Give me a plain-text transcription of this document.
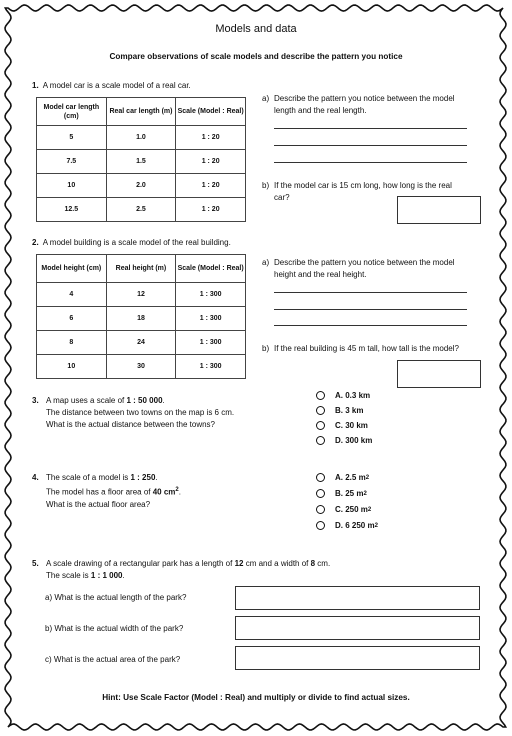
Models and data
Compare observations of scale models and describe the pattern you notice
1. A model car is a scale model of a real car.
Model car length (cm)	Real car length (m)	Scale (Model : Real)
5	1.0	1 : 20
7.5	1.5	1 : 20
10	2.0	1 : 20
12.5	2.5	1 : 20
a) Describe the pattern you notice between the model length and the real length.
b) If the model car is 15 cm long, how long is the real car?
2. A model building is a scale model of the real building.
Model height (cm)	Real height (m)	Scale (Model : Real)
4	12	1 : 300
6	18	1 : 300
8	24	1 : 300
10	30	1 : 300
a) Describe the pattern you notice between the model height and the real height.
b) If the real building is 45 m tall, how tall is the model?
3. A map uses a scale of 1 : 50 000.
The distance between two towns on the map is 6 cm.
What is the actual distance between the towns?
A. 0.3 km
B. 3 km
C. 30 km
D. 300 km
4. The scale of a model is 1 : 250.
The model has a floor area of 40 $cm^2$.
What is the actual floor area?
A. 2.5 m 2
B. 25 m 2
C. 250 m 2
D. 6 250 m 2
5. A scale drawing of a rectangular park has a length of 12 cm and a width of 8 cm.
The scale is 1 : 1 000.
a) What is the actual length of the park?
b) What is the actual width of the park?
c) What is the actual area of the park?
Hint: Use Scale Factor (Model : Real) and multiply or divide to find actual sizes.
